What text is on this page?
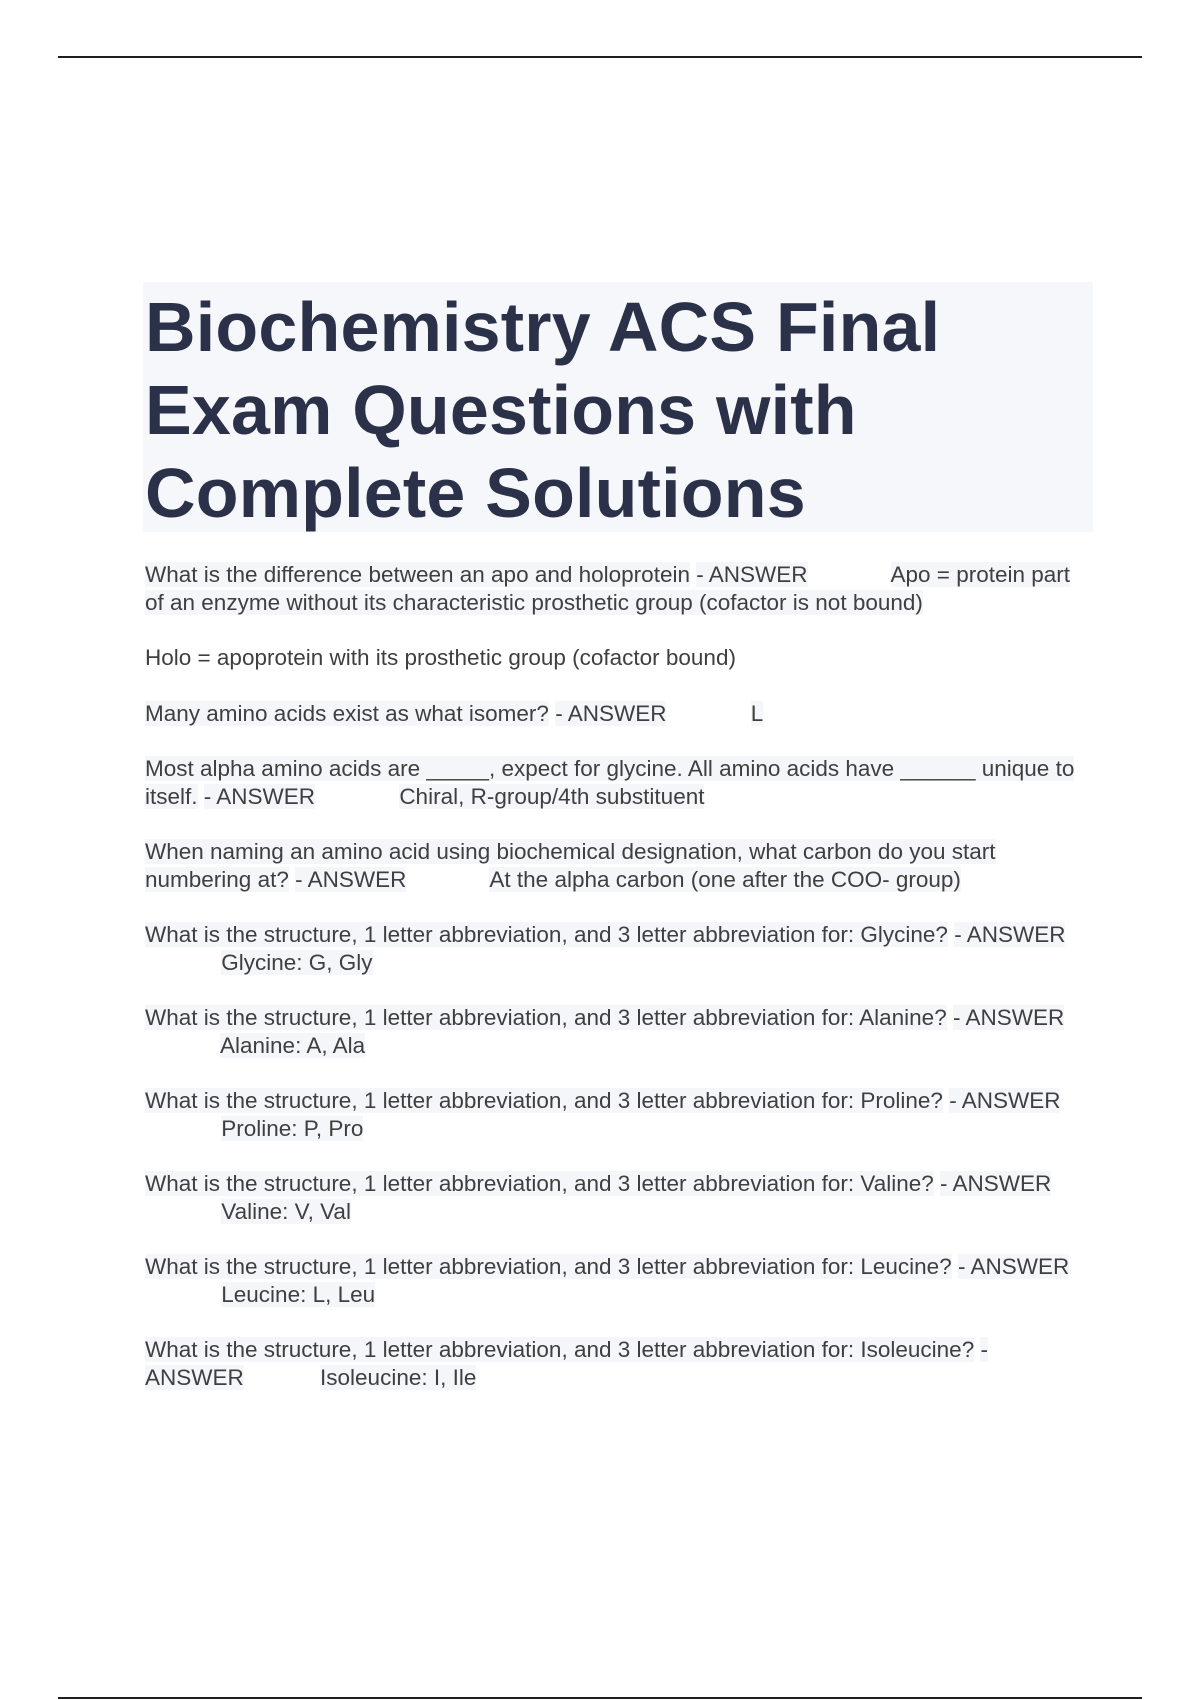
Biochemistry ACS Final
Exam Questions with
Complete Solutions

What is the difference between an apo and holoprotein - ANSWER	Apo = protein part of an enzyme without its characteristic prosthetic group (cofactor is not bound)

Holo = apoprotein with its prosthetic group (cofactor bound)

Many amino acids exist as what isomer? - ANSWER	L

Most alpha amino acids are _____, expect for glycine. All amino acids have ______ unique to itself. - ANSWER	Chiral, R-group/4th substituent

When naming an amino acid using biochemical designation, what carbon do you start numbering at? - ANSWER	At the alpha carbon (one after the COO- group)

What is the structure, 1 letter abbreviation, and 3 letter abbreviation for: Glycine? - ANSWER Glycine: G, Gly

What is the structure, 1 letter abbreviation, and 3 letter abbreviation for: Alanine? - ANSWER Alanine: A, Ala

What is the structure, 1 letter abbreviation, and 3 letter abbreviation for: Proline? - ANSWER Proline: P, Pro

What is the structure, 1 letter abbreviation, and 3 letter abbreviation for: Valine? - ANSWER Valine: V, Val

What is the structure, 1 letter abbreviation, and 3 letter abbreviation for: Leucine? - ANSWER Leucine: L, Leu

What is the structure, 1 letter abbreviation, and 3 letter abbreviation for: Isoleucine? - ANSWER	Isoleucine: I, Ile
